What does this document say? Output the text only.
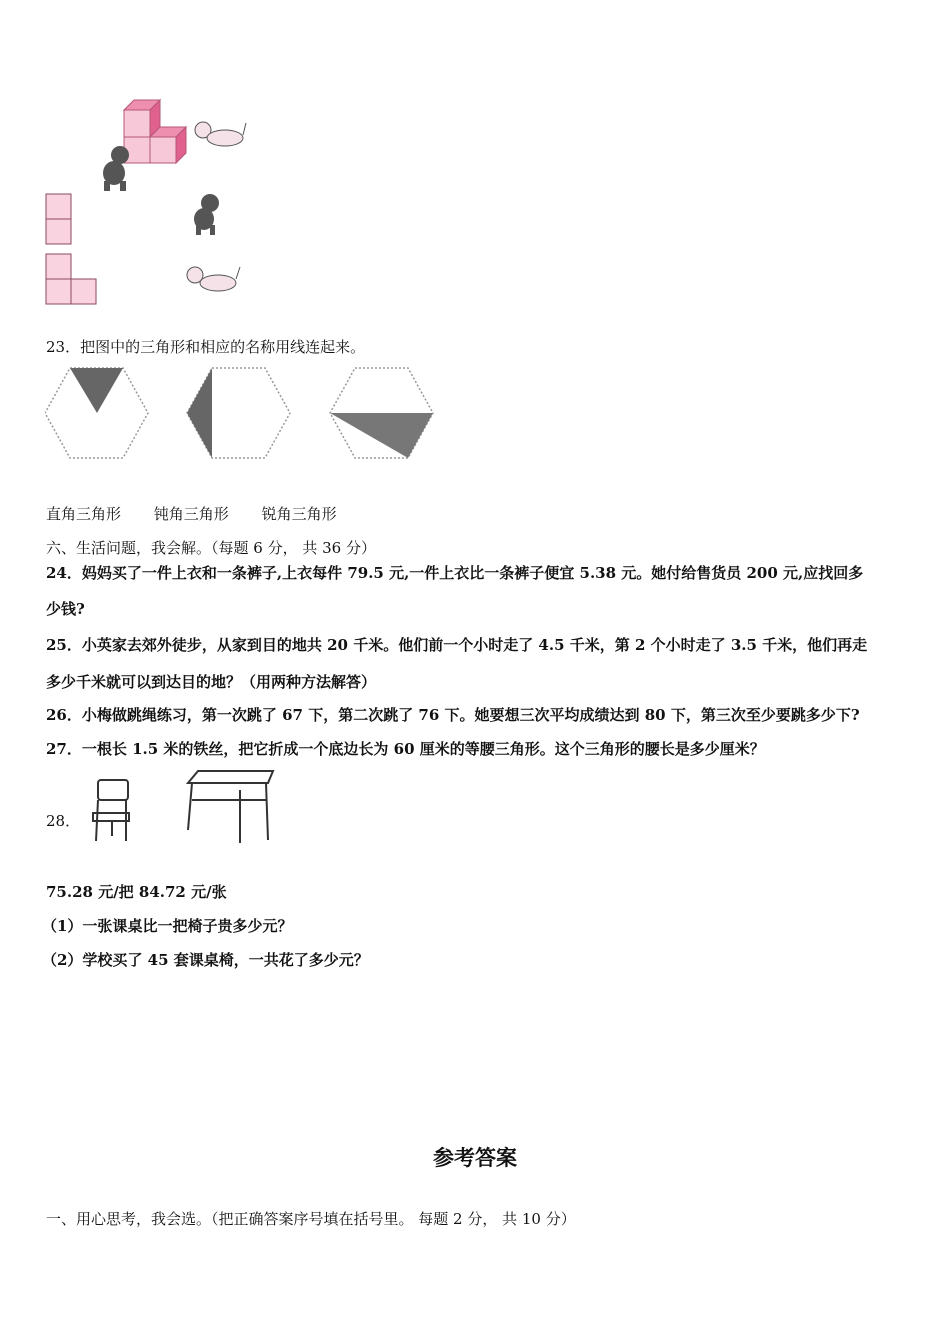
23．把图中的三角形和相应的名称用线连起来。
直角三角形 钝角三角形 锐角三角形
六、生活问题，我会解。（每题 6 分， 共 36 分）
24．妈妈买了一件上衣和一条裤子,上衣每件 79.5 元,一件上衣比一条裤子便宜 5.38 元。她付给售货员 200 元,应找回多
少钱?
25．小英家去郊外徒步，从家到目的地共 20 千米。他们前一个小时走了 4.5 千米，第 2 个小时走了 3.5 千米，他们再走
多少千米就可以到达目的地？（用两种方法解答）
26．小梅做跳绳练习，第一次跳了 67 下，第二次跳了 76 下。她要想三次平均成绩达到 80 下，第三次至少要跳多少下?
27．一根长 1.5 米的铁丝，把它折成一个底边长为 60 厘米的等腰三角形。这个三角形的腰长是多少厘米？
28．
75.28 元/把 84.72 元/张
（1）一张课桌比一把椅子贵多少元？
（2）学校买了 45 套课桌椅，一共花了多少元？
参考答案
一、用心思考，我会选。（把正确答案序号填在括号里。 每题 2 分， 共 10 分）
